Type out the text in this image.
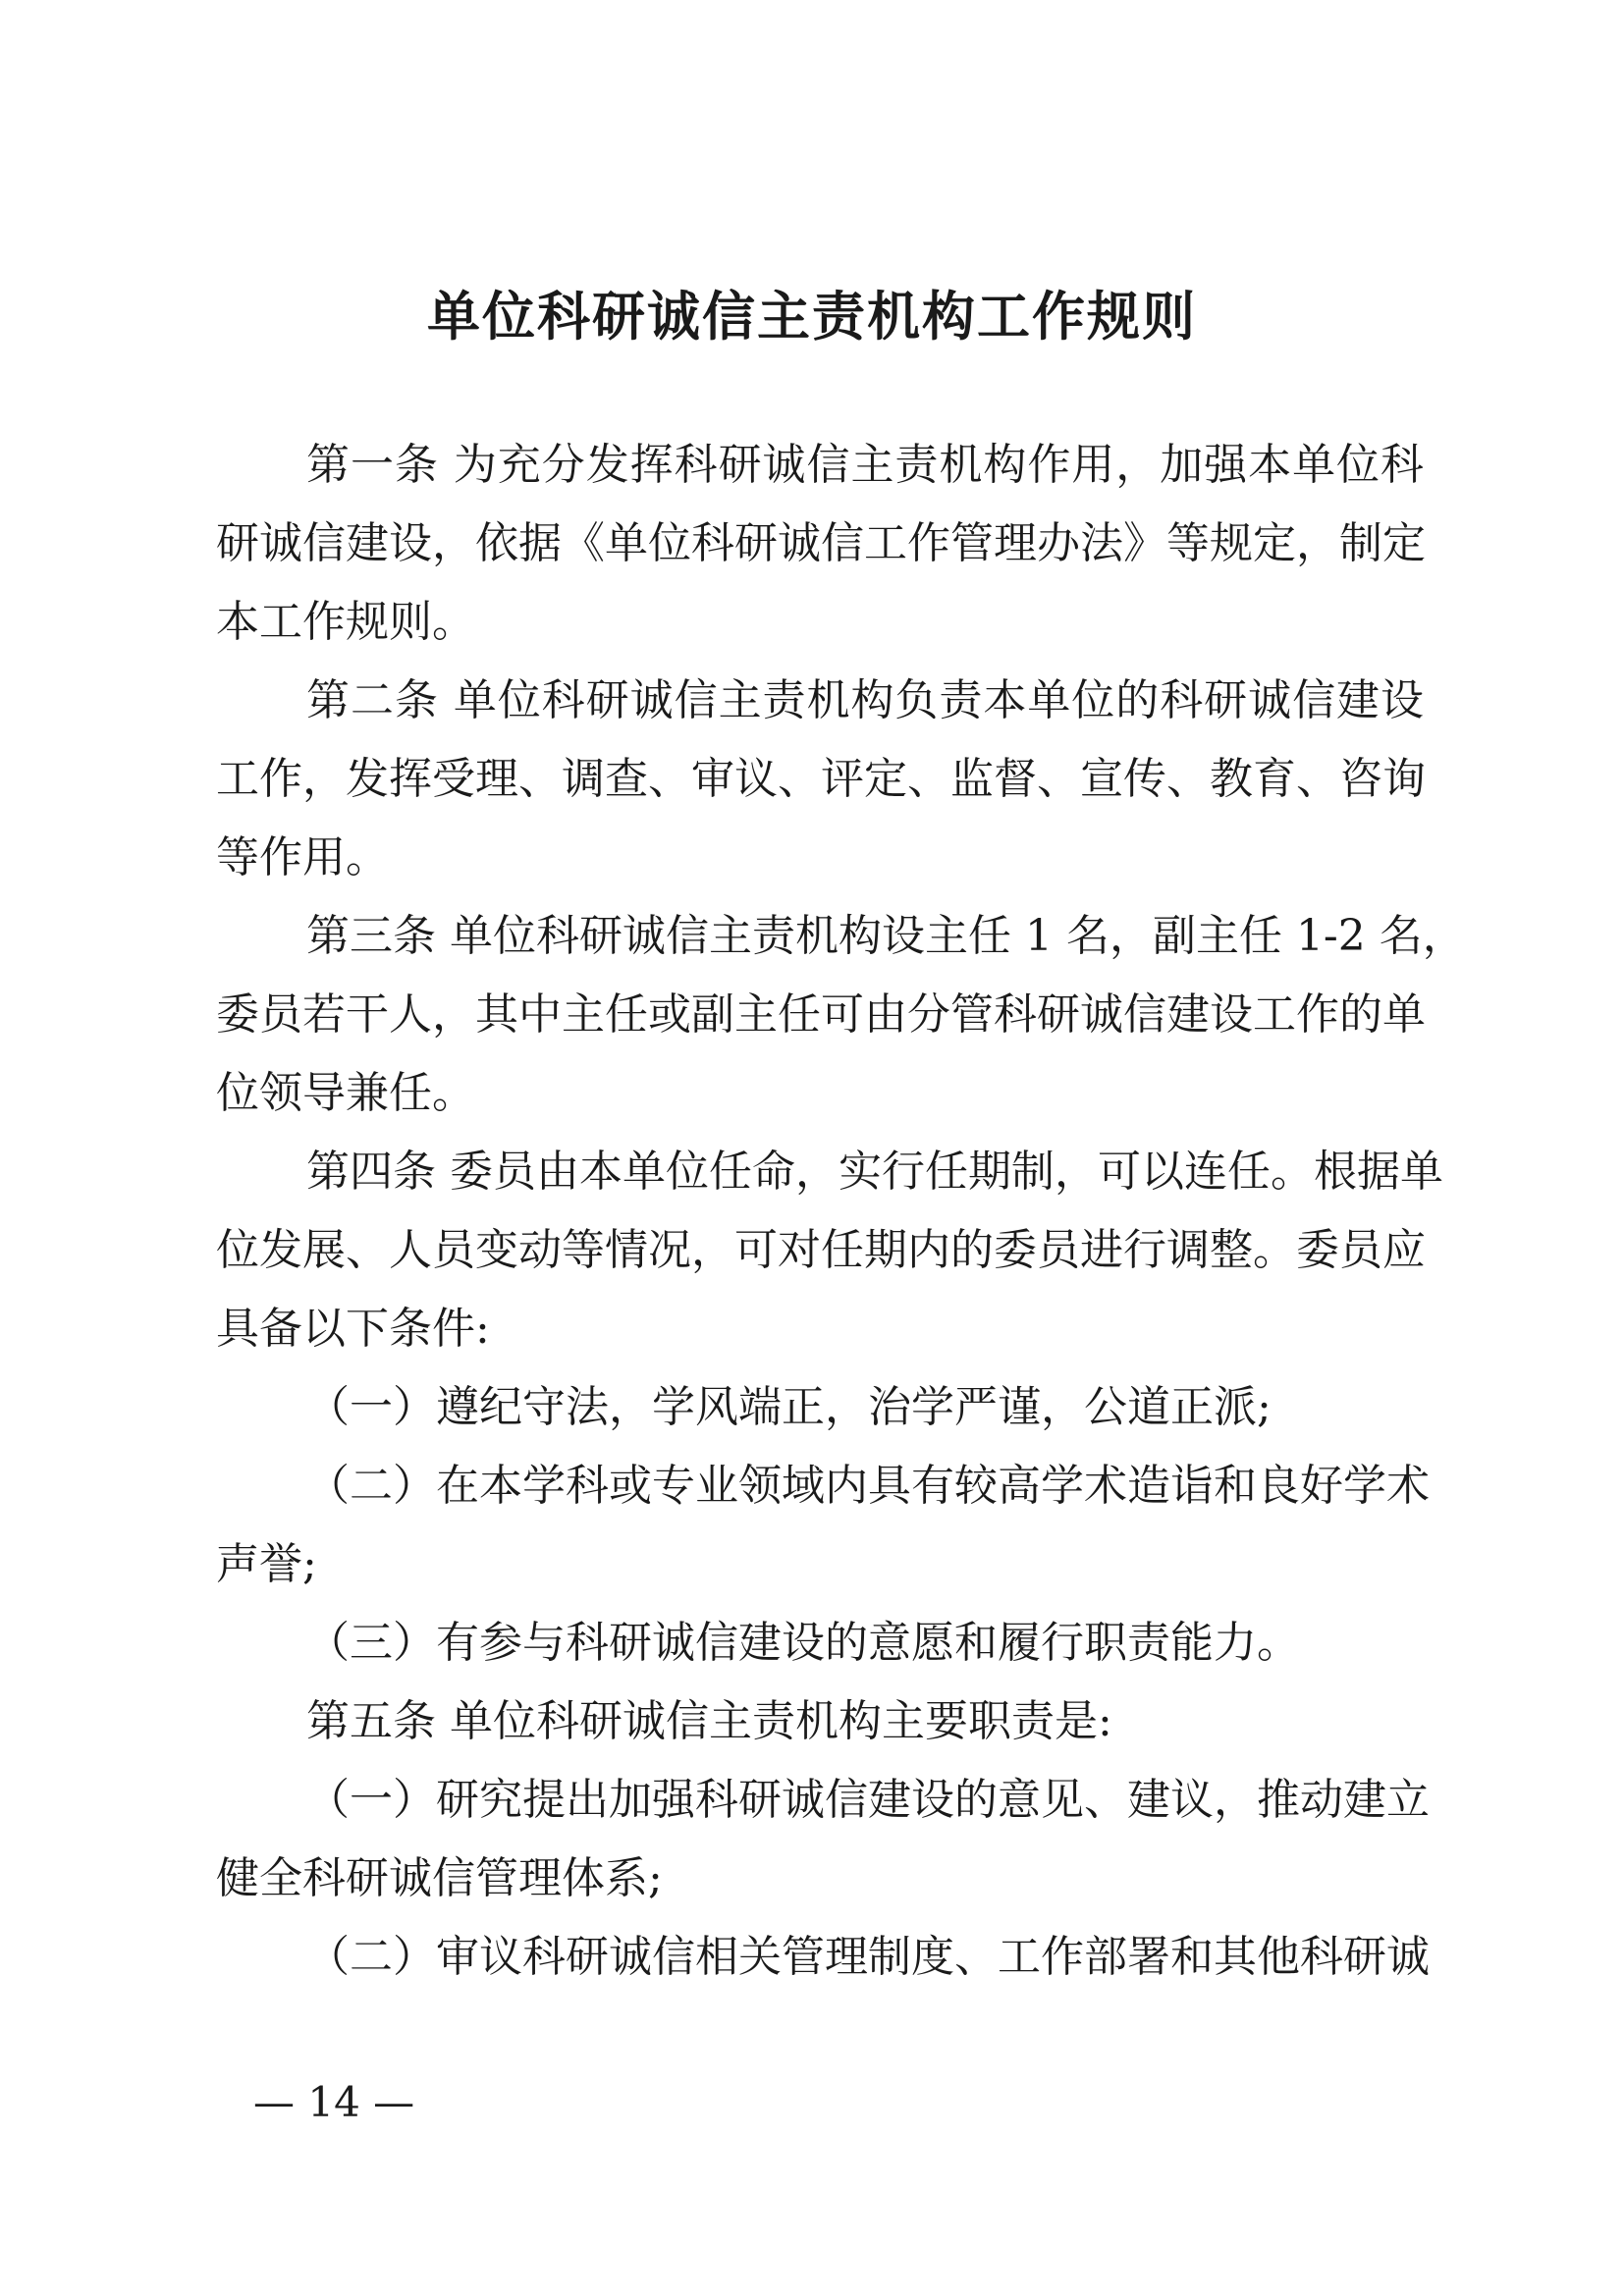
单位科研诚信主责机构工作规则
第一条 为充分发挥科研诚信主责机构作用，加强本单位科
研诚信建设，依据《单位科研诚信工作管理办法》等规定，制定
本工作规则。
第二条 单位科研诚信主责机构负责本单位的科研诚信建设
工作，发挥受理、调查、审议、评定、监督、宣传、教育、咨询
等作用。
第三条 单位科研诚信主责机构设主任 1 名，副主任 1-2 名，
委员若干人，其中主任或副主任可由分管科研诚信建设工作的单
位领导兼任。
第四条 委员由本单位任命，实行任期制，可以连任。根据单
位发展、人员变动等情况，可对任期内的委员进行调整。委员应
具备以下条件:
（一）遵纪守法，学风端正，治学严谨，公道正派;
（二）在本学科或专业领域内具有较高学术造诣和良好学术
声誉;
（三）有参与科研诚信建设的意愿和履行职责能力。
第五条 单位科研诚信主责机构主要职责是:
（一）研究提出加强科研诚信建设的意见、建议，推动建立
健全科研诚信管理体系;
（二）审议科研诚信相关管理制度、工作部署和其他科研诚
— 14 —
